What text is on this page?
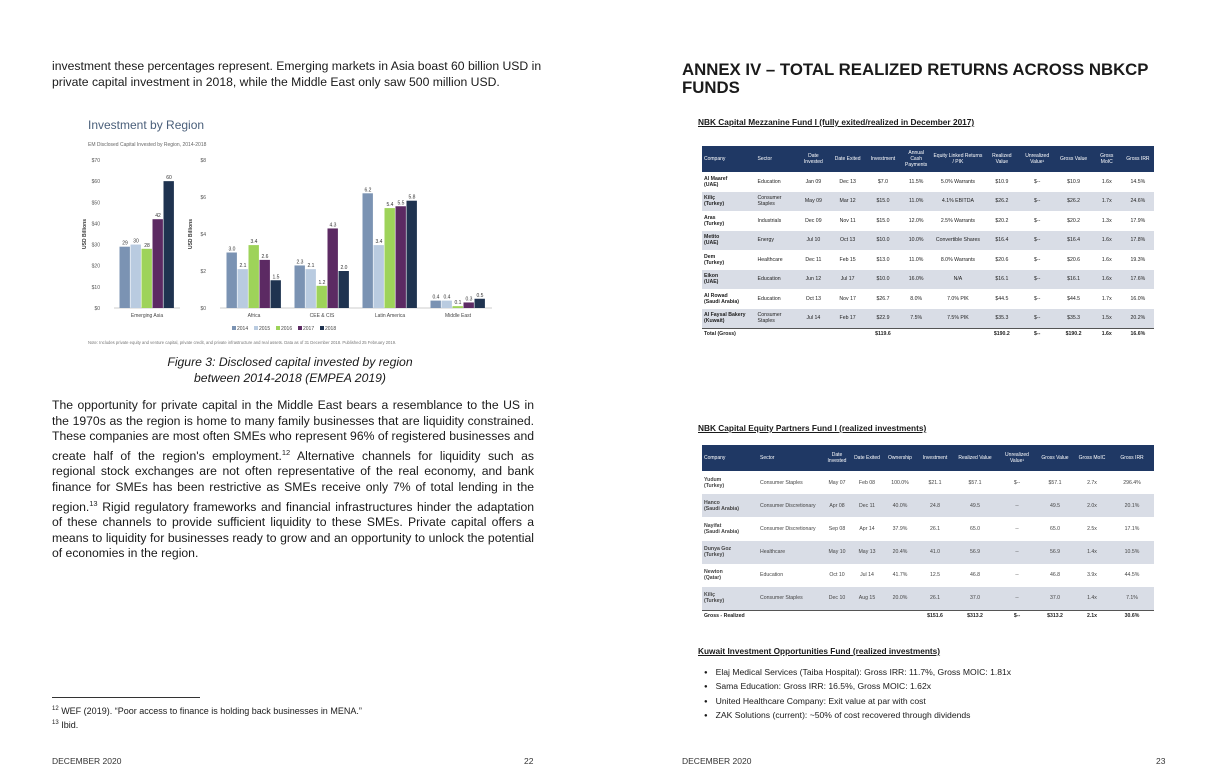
investment these percentages represent. Emerging markets in Asia boast 60 billion USD in private capital investment in 2018, while the Middle East only saw 500 million USD.

Investment by Region
EM Disclosed Capital Invested by Region, 2014-2018
$0
$10
$20
$30
$40
$50
$60
$70
USD Billions	29 30
28
42
60
Emerging Asia
$0
$2
$4
$6
$8
USD Billions
3.0
2.1
3.4
2.6
1.5
Africa
2.3
2.1
1.2
4.3
2.0
CEE & CIS
6.2
3.4
5.4 5.5
5.8
Latin America
0.4 0.4
0.1
0.3
0.5
Middle East
2014 2015 2016 2017 2018
Note: Includes private equity and venture capital, private credit, and private infrastructure and real assets. Data as of 31 December 2018. Published 25 February 2019.
Figure 3: Disclosed capital invested by region
between 2014-2018 (EMPEA 2019)

The opportunity for private capital in the Middle East bears a resemblance to the US in the 1970s as the region is home to many family businesses that are liquidity constrained. These companies are most often SMEs who represent 96% of registered businesses and create half of the region's employment.$^{12}$ Alternative channels for liquidity such as regional stock exchanges are not often representative of the real economy, and bank finance for SMEs has been restrictive as SMEs receive only 7% of total lending in the region.$^{13}$ Rigid regulatory frameworks and financial infrastructures hinder the adaptation of these channels to provide sufficient liquidity to these SMEs. Private capital offers a means to liquidity for businesses ready to grow and an opportunity to unlock the potential of economies in the region.

$^{12}$ WEF (2019). “Poor access to finance is holding back businesses in MENA.”
$^{13}$ Ibid.
DECEMBER 2020	22
ANNEX IV – TOTAL REALIZED RETURNS ACROSS NBKCP FUNDS
NBK Capital Mezzanine Fund I (fully exited/realized in December 2017)
Company	Sector	Date Invested	Date Exited	Investment	Annual Cash Payments	Equity Linked Returns / PIK	Realized Value	Unrealized Value¹	Gross Value	Gross MoIC	Gross IRR

Al Maaref
(UAE)	Education	Jan 09	Dec 13	$7.0	11.5%	5.0% Warrants	$10.9	$--	$10.9	1.6x	14.5%

Kiliç
(Turkey)	Consumer Staples	May 09	Mar 12	$15.0	11.0%	4.1% EBITDA	$26.2	$--	$26.2	1.7x	24.6%

Aras
(Turkey)	Industrials	Dec 09	Nov 11	$15.0	12.0%	2.5% Warrants	$20.2	$--	$20.2	1.3x	17.9%

Metito
(UAE)	Energy	Jul 10	Oct 13	$10.0	10.0%	Convertible Shares	$16.4	$--	$16.4	1.6x	17.8%

Dem
(Turkey)	Healthcare	Dec 11	Feb 15	$13.0	11.0%	8.0% Warrants	$20.6	$--	$20.6	1.6x	19.3%

Eikon
(UAE)	Education	Jun 12	Jul 17	$10.0	16.0%	N/A	$16.1	$--	$16.1	1.6x	17.6%

Al Rowad
(Saudi Arabia)	Education	Oct 13	Nov 17	$26.7	8.0%	7.0% PIK	$44.5	$--	$44.5	1.7x	16.0%

Al Faysal Bakery
(Kuwait)	Consumer Staples	Jul 14	Feb 17	$22.9	7.5%	7.5% PIK	$35.3	$--	$35.3	1.5x	20.2%
Total (Gross)				$119.6			$190.2	$--	$190.2	1.6x	16.6%
NBK Capital Equity Partners Fund I (realized investments)
Company	Sector	Date Invested	Date Exited	Ownership	Investment	Realized Value	Unrealized Value¹	Gross Value	Gross MoIC	Gross IRR

Yudum
(Turkey)	Consumer Staples	May 07	Feb 08	100.0%	$21.1	$57.1	$--	$57.1	2.7x	296.4%

Hanco
(Saudi Arabia)	Consumer Discretionary	Apr 08	Dec 11	40.0%	24.8	49.5	--	49.5	2.0x	20.1%

Nayifat
(Saudi Arabia)	Consumer Discretionary	Sep 08	Apr 14	37.9%	26.1	65.0	--	65.0	2.5x	17.1%

Dunya Goz
(Turkey)	Healthcare	May 10	May 13	20.4%	41.0	56.9	--	56.9	1.4x	10.5%

Newton
(Qatar)	Education	Oct 10	Jul 14	41.7%	12.5	46.8	--	46.8	3.9x	44.5%

Kiliç
(Turkey)	Consumer Staples	Dec 10	Aug 15	20.0%	26.1	37.0	--	37.0	1.4x	7.1%
Gross - Realized					$151.6	$313.2	$--	$313.2	2.1x	30.6%
Kuwait Investment Opportunities Fund (realized investments)
● Elaj Medical Services (Taiba Hospital): Gross IRR: 11.7%, Gross MOIC: 1.81x
● Sama Education: Gross IRR: 16.5%, Gross MOIC: 1.62x
● United Healthcare Company: Exit value at par with cost
● ZAK Solutions (current): ~50% of cost recovered through dividends
DECEMBER 2020	23
